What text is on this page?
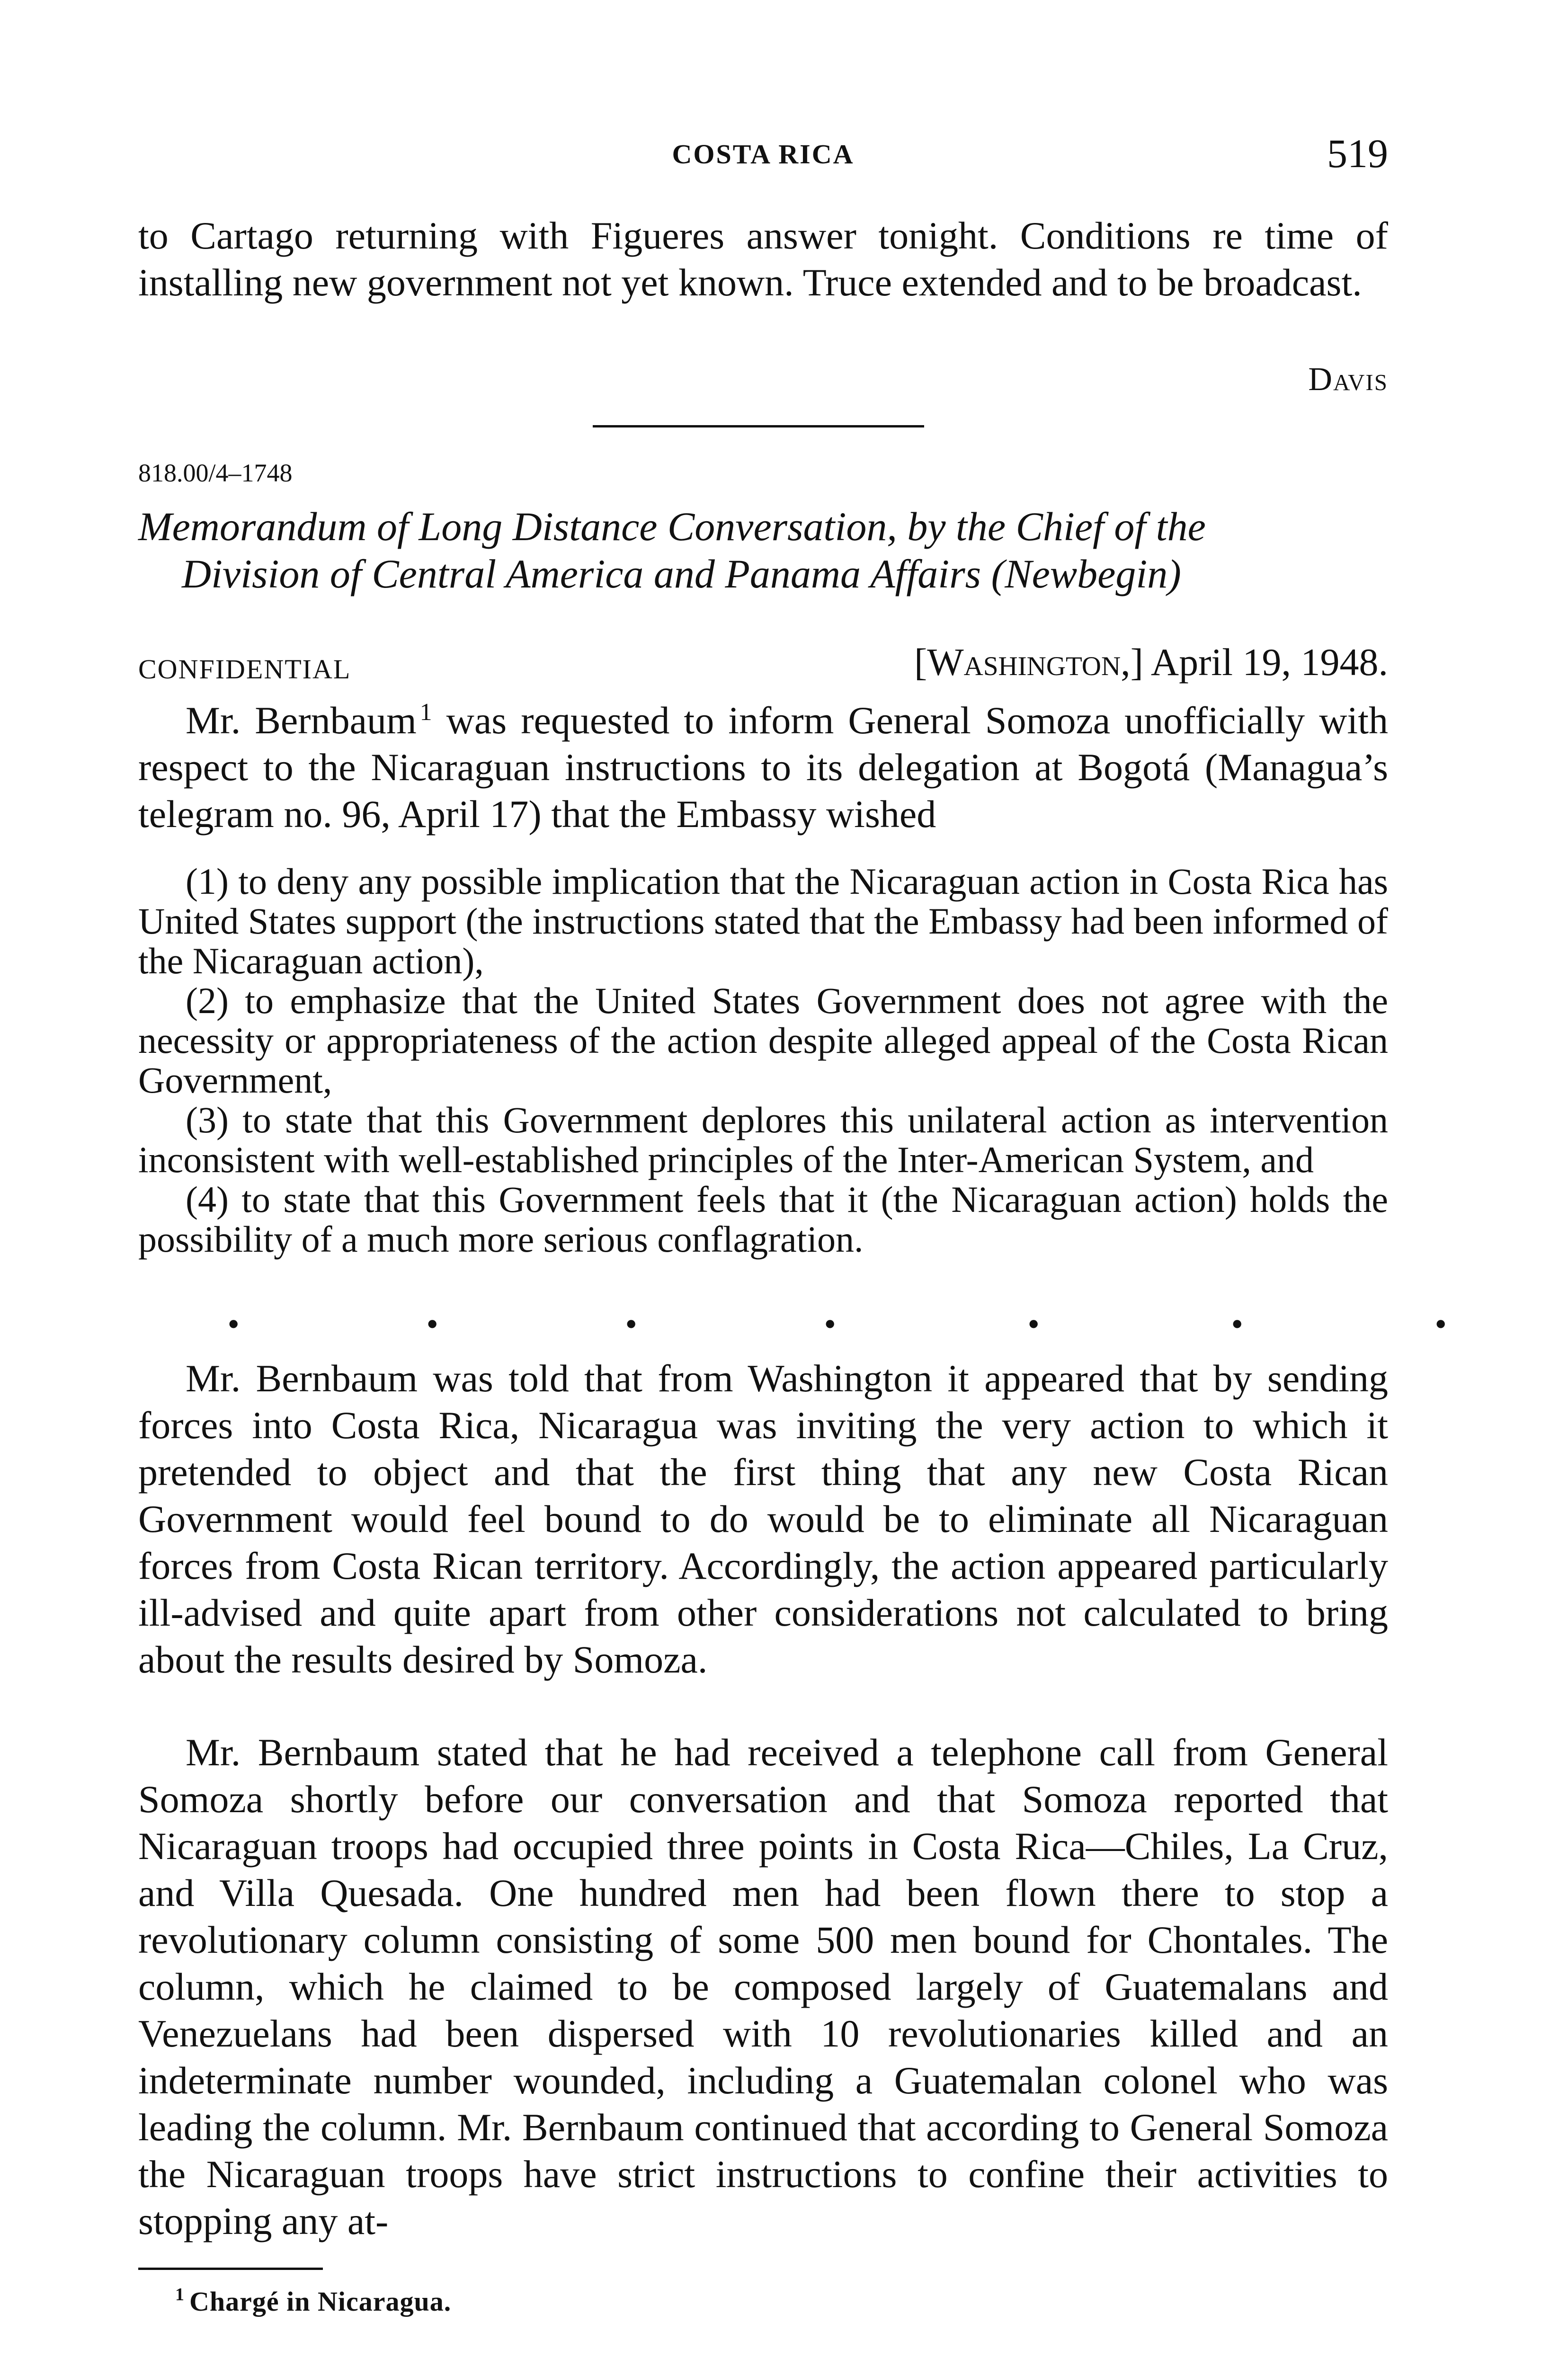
COSTA RICA	519

to Cartago returning with Figueres answer tonight. Conditions re time of installing new government not yet known. Truce extended and to be broadcast.

Davis
818.00/4–1748
Memorandum of Long Distance Conversation, by the Chief of the
Division of Central America and Panama Affairs (Newbegin)
CONFIDENTIAL	[Washington,] April 19, 1948.

Mr. Bernbaum  $^1$ was requested to inform General Somoza unofficially with respect to the Nicaraguan instructions to its delegation at Bogotá (Managua’s telegram no. 96, April 17) that the Embassy wished

(1) to deny any possible implication that the Nicaraguan action in Costa Rica has United States support (the instructions stated that the Embassy had been informed of the Nicaraguan action),

(2) to emphasize that the United States Government does not agree with the necessity or appropriateness of the action despite alleged appeal of the Costa Rican Government,

(3) to state that this Government deplores this unilateral action as intervention inconsistent with well-established principles of the Inter-American System, and

(4) to state that this Government feels that it (the Nicaraguan action) holds the possibility of a much more serious conflagration.

•	•	•	•	•	•	•

Mr. Bernbaum was told that from Washington it appeared that by sending forces into Costa Rica, Nicaragua was inviting the very action to which it pretended to object and that the first thing that any new Costa Rican Government would feel bound to do would be to eliminate all Nicaraguan forces from Costa Rican territory. Accordingly, the action appeared particularly ill-advised and quite apart from other considerations not calculated to bring about the results desired by Somoza.

Mr. Bernbaum stated that he had received a telephone call from General Somoza shortly before our conversation and that Somoza reported that Nicaraguan troops had occupied three points in Costa Rica—Chiles, La Cruz, and Villa Quesada. One hundred men had been flown there to stop a revolutionary column consisting of some 500 men bound for Chontales. The column, which he claimed to be composed largely of Guatemalans and Venezuelans had been dispersed with 10 revolutionaries killed and an indeterminate number wounded, including a Guatemalan colonel who was leading the column. Mr. Bernbaum continued that according to General Somoza the Nicaraguan troops have strict instructions to confine their activities to stopping any at-

$^1$ Chargé in Nicaragua.
